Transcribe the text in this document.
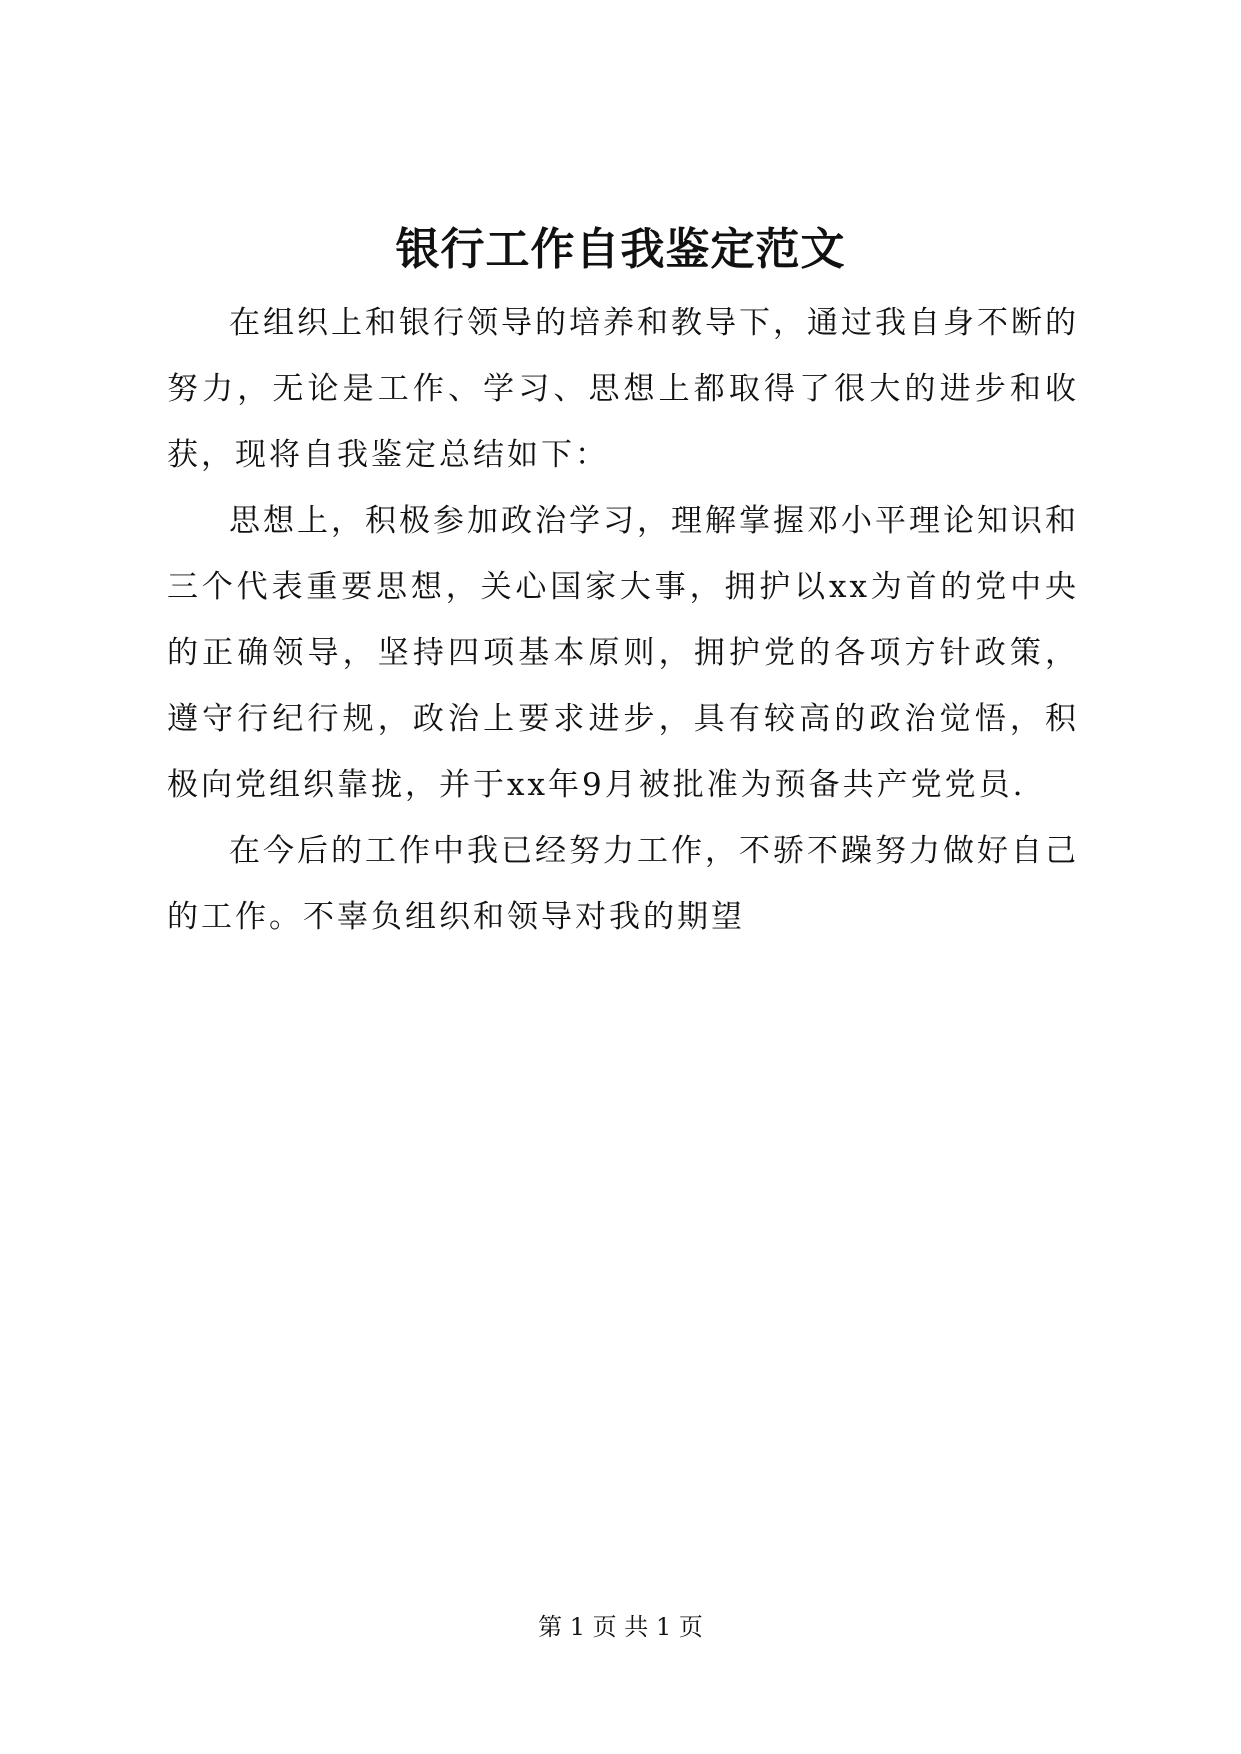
银行工作自我鉴定范文

在组织上和银行领导的培养和教导下，通过我自身不断的努力，无论是工作、学习、思想上都取得了很大的进步和收获，现将自我鉴定总结如下：

思想上，积极参加政治学习，理解掌握邓小平理论知识和三个代表重要思想，关心国家大事，拥护以xx为首的党中央的正确领导，坚持四项基本原则，拥护党的各项方针政策，遵守行纪行规，政治上要求进步，具有较高的政治觉悟，积极向党组织靠拢，并于xx年9月被批准为预备共产党党员.

在今后的工作中我已经努力工作，不骄不躁努力做好自己的工作。不辜负组织和领导对我的期望

第 1 页 共 1 页
